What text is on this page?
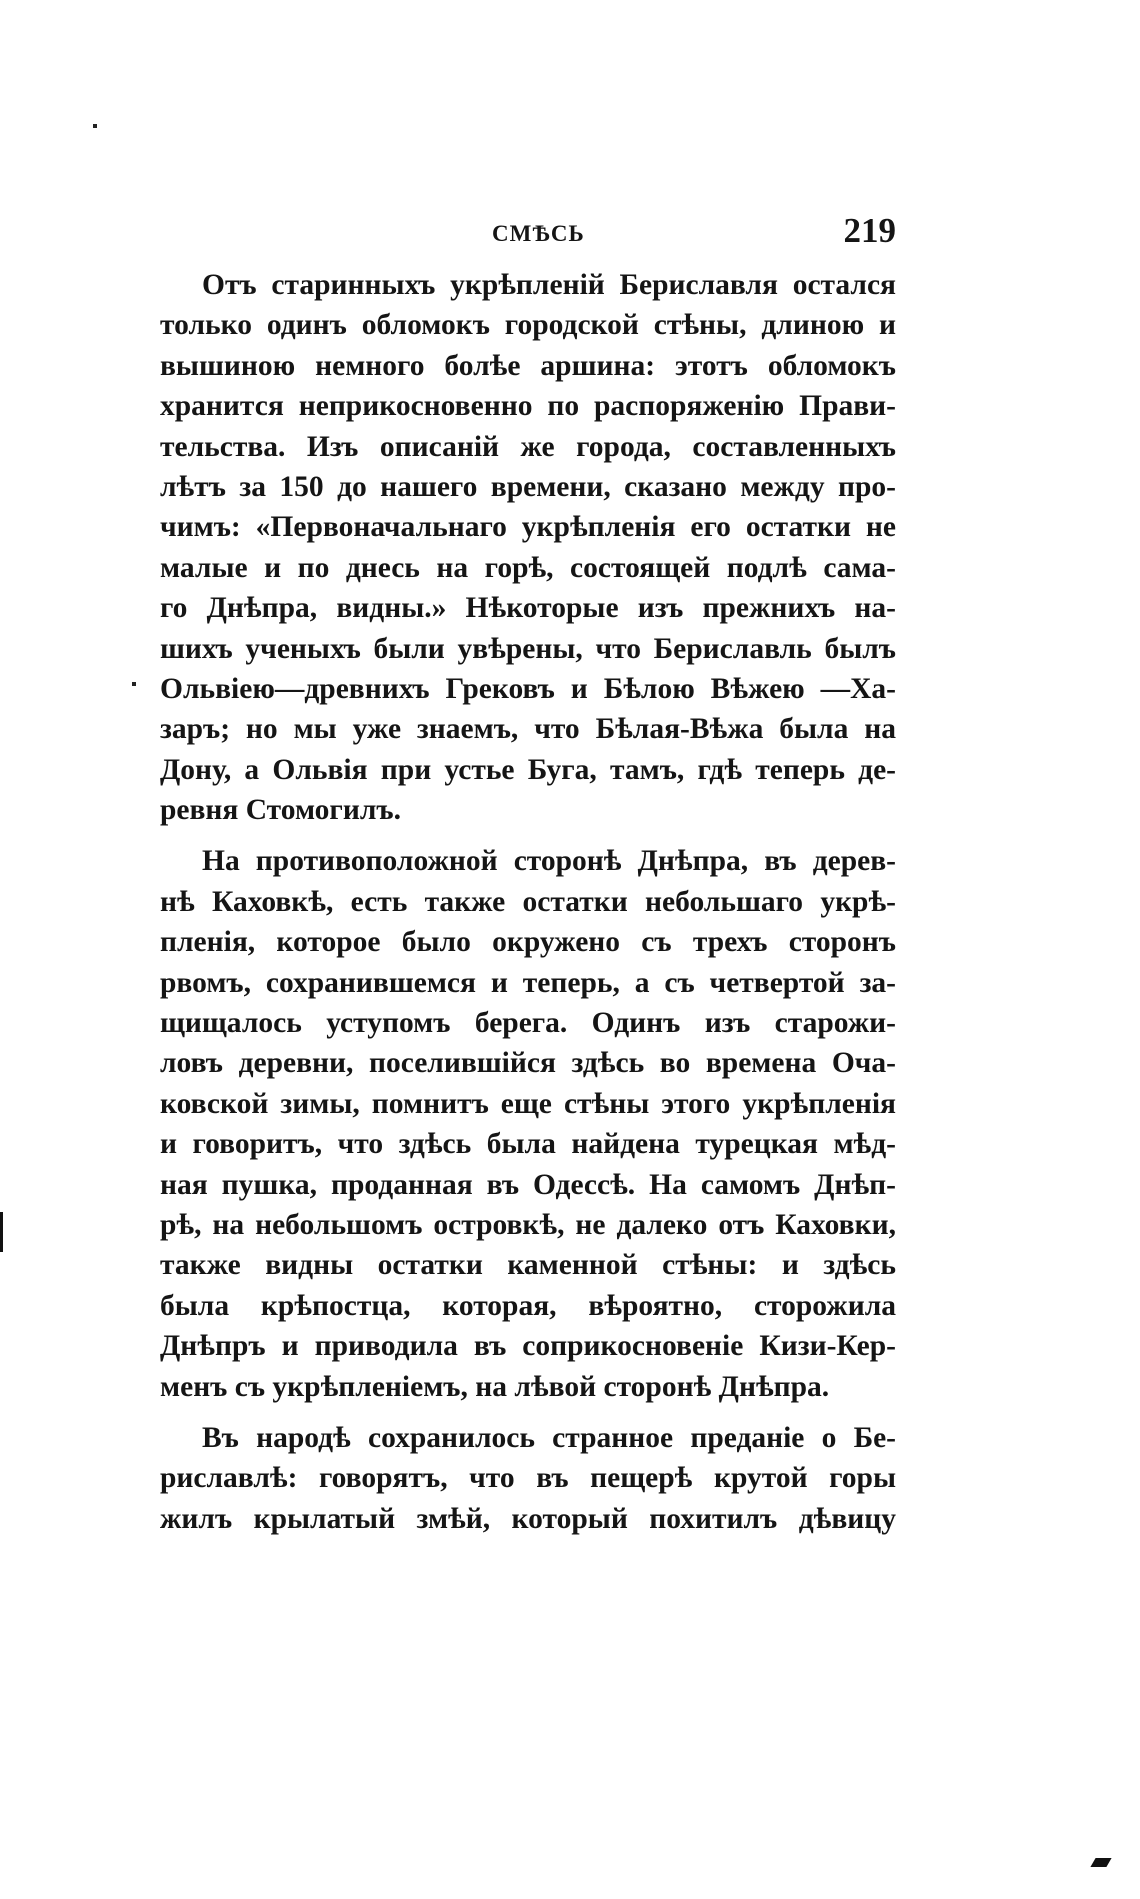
СМѢСЬ	219
Отъ старинныхъ укрѣпленій Бериславля остался
только одинъ обломокъ городской стѣны, длиною и
вышиною немного болѣе аршина: этотъ обломокъ
хранится неприкосновенно по распоряженію Прави-
тельства. Изъ описаній же города, составленныхъ
лѣтъ за 150 до нашего времени, сказано между про-
чимъ: «Первоначальнаго укрѣпленія его остатки не
малые и по днесь на горѣ, состоящей подлѣ сама-
го Днѣпра, видны.» Нѣкоторые изъ прежнихъ на-
шихъ ученыхъ были увѣрены, что Бериславль былъ
Ольвіею—древнихъ Грековъ и Бѣлою Вѣжею —Ха-
заръ; но мы уже знаемъ, что Бѣлая-Вѣжа была на
Дону, а Ольвія при устье Буга, тамъ, гдѣ теперь де-
ревня Стомогилъ.
На противоположной сторонѣ Днѣпра, въ дерев-
нѣ Каховкѣ, есть также остатки небольшаго укрѣ-
пленія, которое было окружено съ трехъ сторонъ
рвомъ, сохранившемся и теперь, а съ четвертой за-
щищалось уступомъ берега. Одинъ изъ старожи-
ловъ деревни, поселившійся здѣсь во времена Оча-
ковской зимы, помнитъ еще стѣны этого укрѣпленія
и говоритъ, что здѣсь была найдена турецкая мѣд-
ная пушка, проданная въ Одессѣ. На самомъ Днѣп-
рѣ, на небольшомъ островкѣ, не далеко отъ Каховки,
также видны остатки каменной стѣны: и здѣсь
была крѣпостца, которая, вѣроятно, сторожила
Днѣпръ и приводила въ соприкосновеніе Кизи-Кер-
менъ съ укрѣпленіемъ, на лѣвой сторонѣ Днѣпра.
Въ народѣ сохранилось странное преданіе о Бе-
риславлѣ: говорятъ, что въ пещерѣ крутой горы
жилъ крылатый змѣй, который похитилъ дѣвицу
